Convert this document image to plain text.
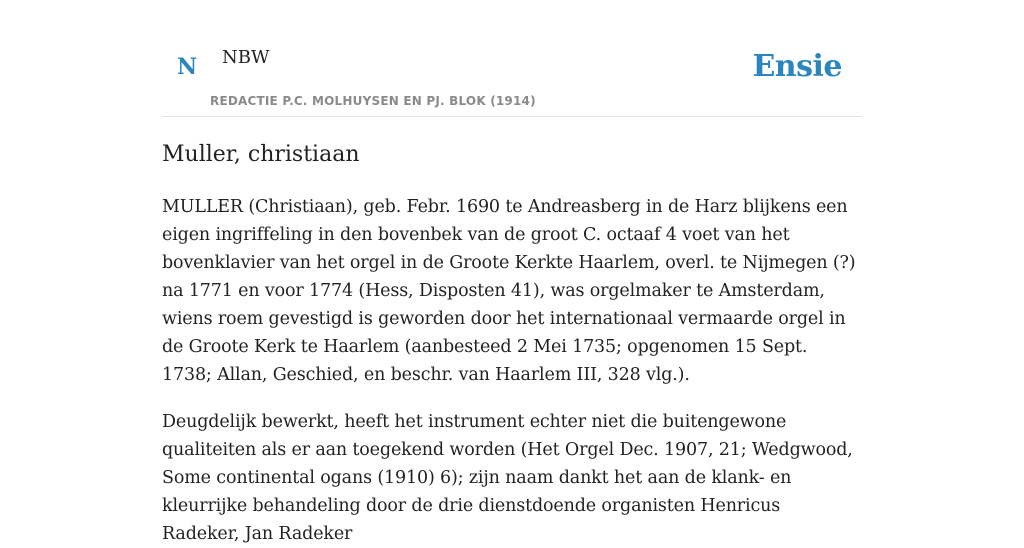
N NBW
REDACTIE P.C. MOLHUYSEN EN PJ. BLOK (1914)
Ensie
Muller, christiaan

MULLER (Christiaan), geb. Febr. 1690 te Andreasberg in de Harz blijkens een eigen ingriffeling in den bovenbek van de groot C. octaaf 4 voet van het bovenklavier van het orgel in de Groote Kerkte Haarlem, overl. te Nijmegen (?) na 1771 en voor 1774 (Hess, Disposten 41), was orgelmaker te Amsterdam, wiens roem gevestigd is geworden door het internationaal vermaarde orgel in de Groote Kerk te Haarlem (aanbesteed 2 Mei 1735; opgenomen 15 Sept. 1738; Allan, Geschied, en beschr. van Haarlem III, 328 vlg.).

Deugdelijk bewerkt, heeft het instrument echter niet die buitengewone qualiteiten als er aan toegekend worden (Het Orgel Dec. 1907, 21; Wedgwood, Some continental ogans (1910) 6); zijn naam dankt het aan de klank- en kleurrijke behandeling door de drie dienstdoende organisten Henricus Radeker, Jan Radeker
